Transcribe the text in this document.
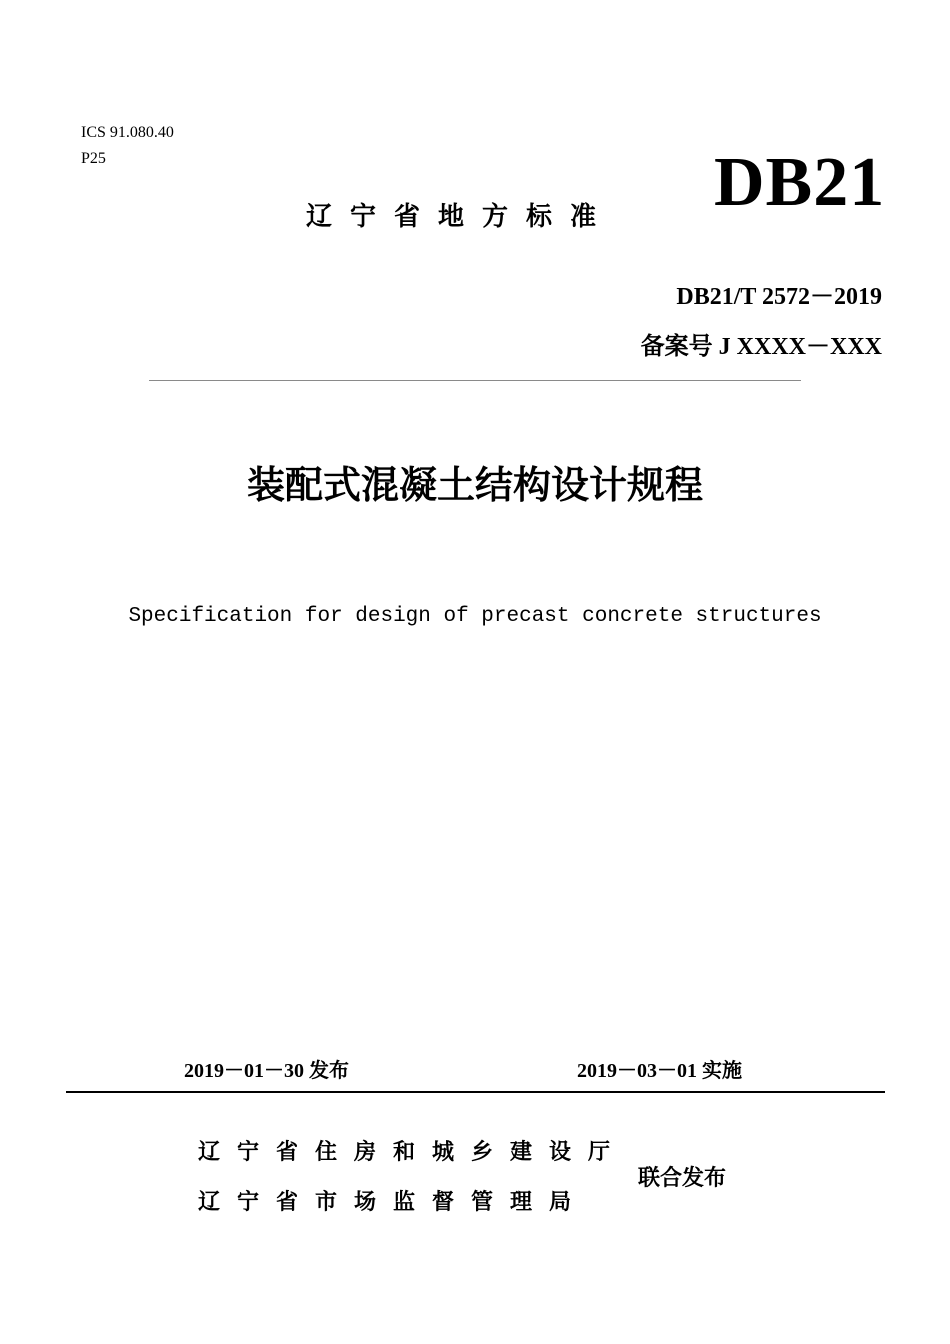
ICS 91.080.40
P25
辽宁省地方标准 DB21
DB21/T 2572－2019
备案号 J XXXX－XXX
装配式混凝土结构设计规程
Specification for design of precast concrete structures
2019－01－30 发布	2019－03－01 实施
辽宁省住房和城乡建设厅
辽宁省市场监督管理局
联合发布
